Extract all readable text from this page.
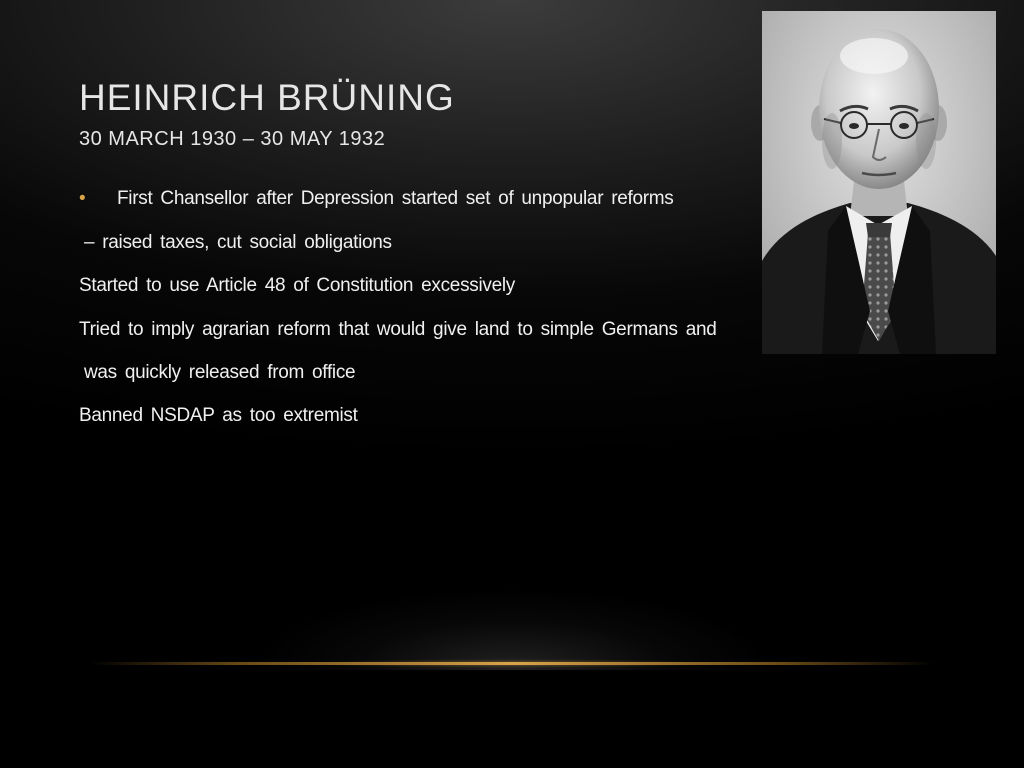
HEINRICH BRÜNING
30 MARCH 1930 – 30 MAY 1932
• First Chansellor after Depression started set of unpopular reforms
– raised taxes, cut social obligations
Started to use Article 48 of Constitution excessively
Tried to imply agrarian reform that would give land to simple Germans and
was quickly released from office
Banned NSDAP as too extremist
